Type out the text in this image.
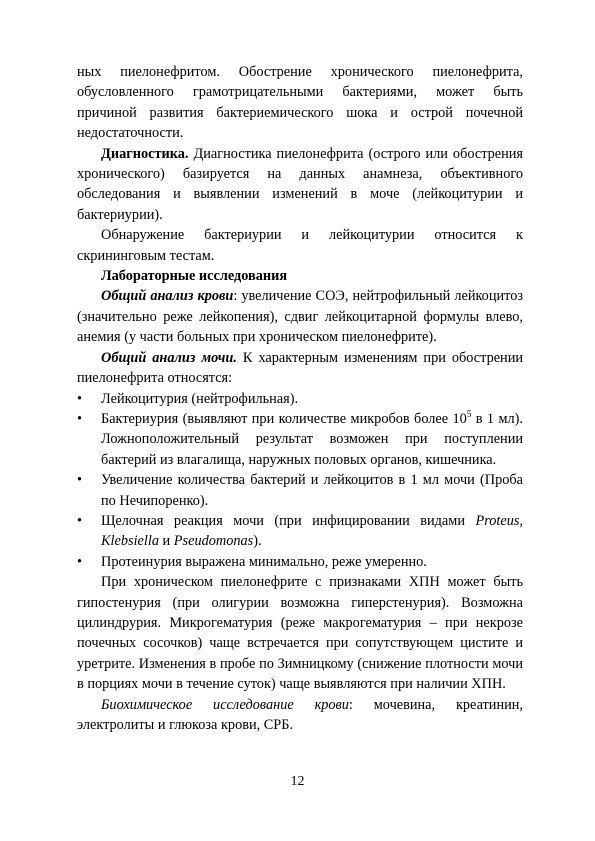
ных пиелонефритом. Обострение хронического пиелонефрита, обусловленного грамотрицательными бактериями, может быть причиной развития бактериемического шока и острой почечной недостаточности.

Диагностика. Диагностика пиелонефрита (острого или обострения хронического) базируется на данных анамнеза, объективного обследования и выявлении изменений в моче (лейкоцитурии и бактериурии).

Обнаружение бактериурии и лейкоцитурии относится к скрининговым тестам.

Лабораторные исследования

Общий анализ крови: увеличение СОЭ, нейтрофильный лейкоцитоз (значительно реже лейкопения), сдвиг лейкоцитарной формулы влево, анемия (у части больных при хроническом пиелонефрите).

Общий анализ мочи. К характерным изменениям при обострении пиелонефрита относятся:

• Лейкоцитурия (нейтрофильная).
• Бактериурия (выявляют при количестве микробов более $10^5$ в 1 мл). Ложноположительный результат возможен при поступлении бактерий из влагалища, наружных половых органов, кишечника.
• Увеличение количества бактерий и лейкоцитов в 1 мл мочи (Проба по Нечипоренко).
• Щелочная реакция мочи (при инфицировании видами Proteus, Klebsiella и Pseudomonas).
• Протеинурия выражена минимально, реже умеренно.

При хроническом пиелонефрите с признаками ХПН может быть гипостенурия (при олигурии возможна гиперстенурия). Возможна цилиндрурия. Микрогематурия (реже макрогематурия – при некрозе почечных сосочков) чаще встречается при сопутствующем цистите и уретрите. Изменения в пробе по Зимницкому (снижение плотности мочи в порциях мочи в течение суток) чаще выявляются при наличии ХПН.

Биохимическое исследование крови: мочевина, креатинин, электролиты и глюкоза крови, СРБ.

12
